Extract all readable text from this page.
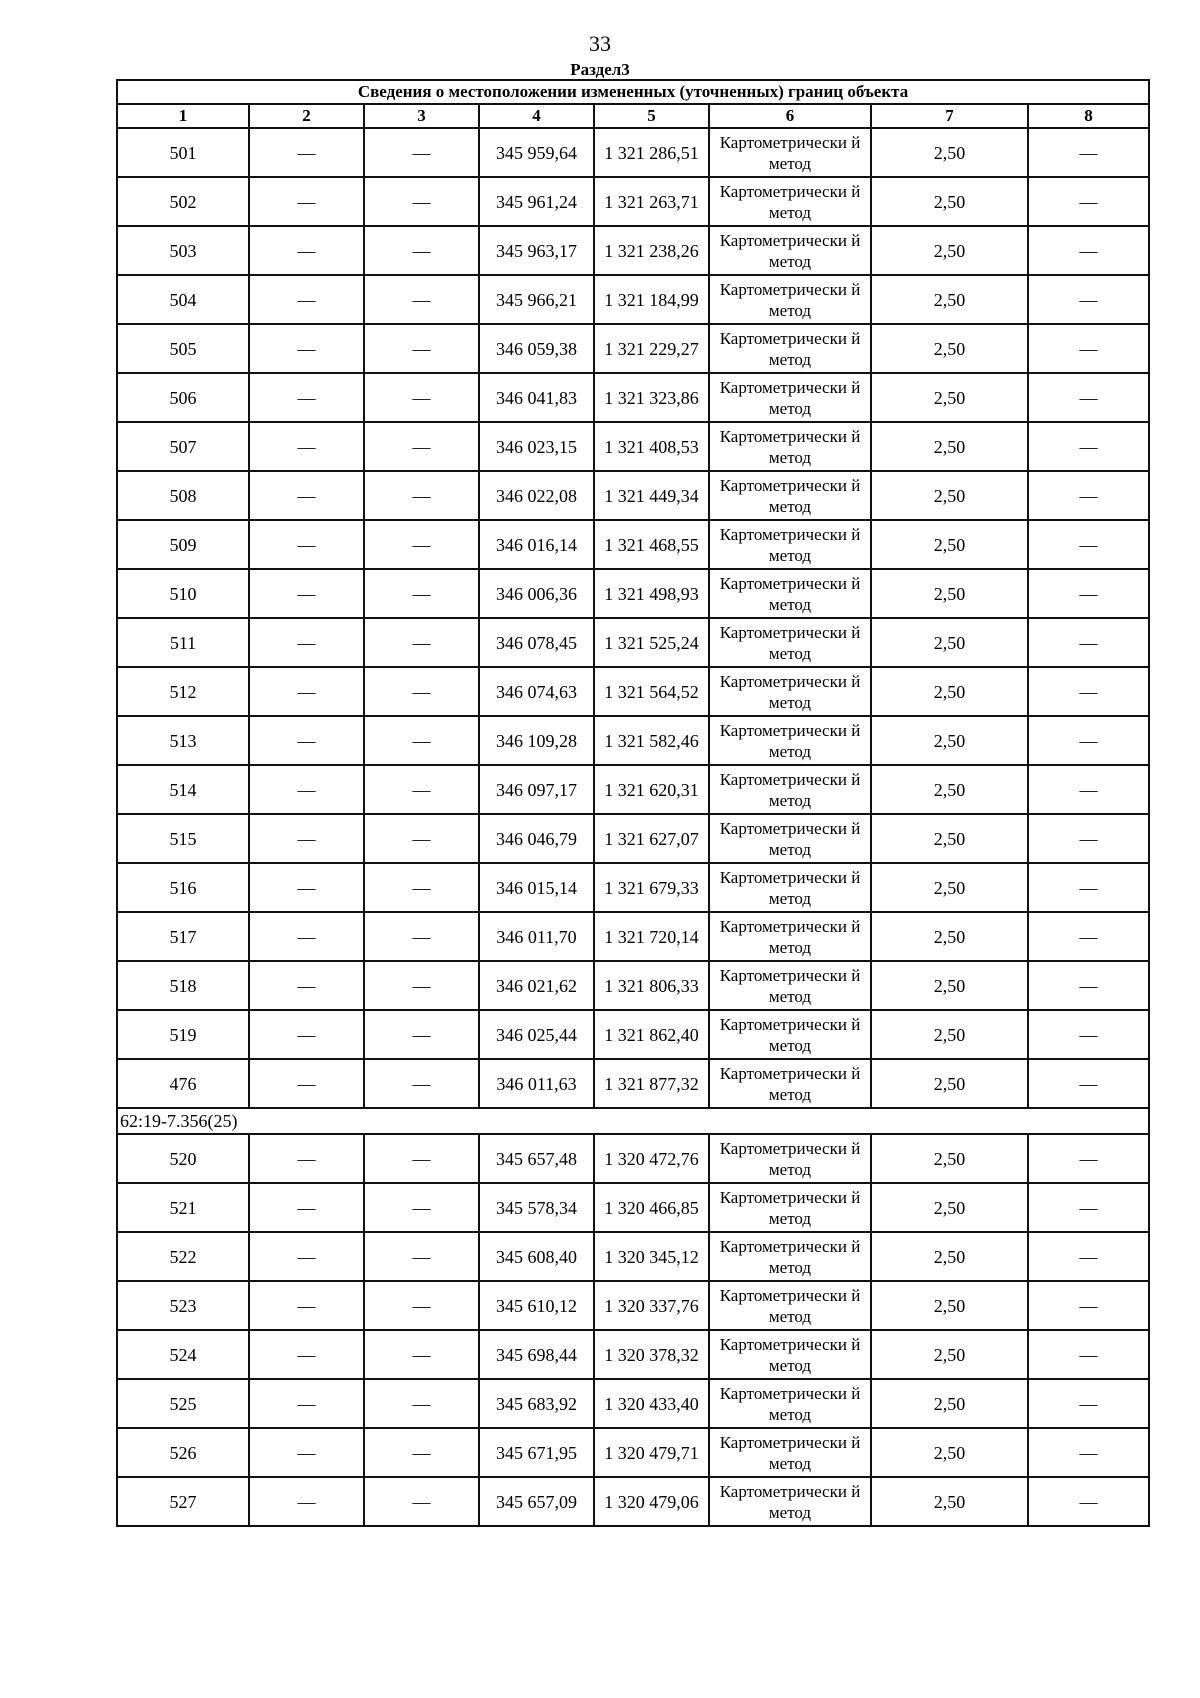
33
Раздел3
Сведения о местоположении измененных (уточненных) границ объекта							
1	2	3	4	5	6	7	8
501	—	—	345 959,64	1 321 286,51	Картометрически й метод	2,50	—
502	—	—	345 961,24	1 321 263,71	Картометрически й метод	2,50	—
503	—	—	345 963,17	1 321 238,26	Картометрически й метод	2,50	—
504	—	—	345 966,21	1 321 184,99	Картометрически й метод	2,50	—
505	—	—	346 059,38	1 321 229,27	Картометрически й метод	2,50	—
506	—	—	346 041,83	1 321 323,86	Картометрически й метод	2,50	—
507	—	—	346 023,15	1 321 408,53	Картометрически й метод	2,50	—
508	—	—	346 022,08	1 321 449,34	Картометрически й метод	2,50	—
509	—	—	346 016,14	1 321 468,55	Картометрически й метод	2,50	—
510	—	—	346 006,36	1 321 498,93	Картометрически й метод	2,50	—
511	—	—	346 078,45	1 321 525,24	Картометрически й метод	2,50	—
512	—	—	346 074,63	1 321 564,52	Картометрически й метод	2,50	—
513	—	—	346 109,28	1 321 582,46	Картометрически й метод	2,50	—
514	—	—	346 097,17	1 321 620,31	Картометрически й метод	2,50	—
515	—	—	346 046,79	1 321 627,07	Картометрически й метод	2,50	—
516	—	—	346 015,14	1 321 679,33	Картометрически й метод	2,50	—
517	—	—	346 011,70	1 321 720,14	Картометрически й метод	2,50	—
518	—	—	346 021,62	1 321 806,33	Картометрически й метод	2,50	—
519	—	—	346 025,44	1 321 862,40	Картометрически й метод	2,50	—
476	—	—	346 011,63	1 321 877,32	Картометрически й метод	2,50	—
62:19-7.356(25)							
520	—	—	345 657,48	1 320 472,76	Картометрически й метод	2,50	—
521	—	—	345 578,34	1 320 466,85	Картометрически й метод	2,50	—
522	—	—	345 608,40	1 320 345,12	Картометрически й метод	2,50	—
523	—	—	345 610,12	1 320 337,76	Картометрически й метод	2,50	—
524	—	—	345 698,44	1 320 378,32	Картометрически й метод	2,50	—
525	—	—	345 683,92	1 320 433,40	Картометрически й метод	2,50	—
526	—	—	345 671,95	1 320 479,71	Картометрически й метод	2,50	—
527	—	—	345 657,09	1 320 479,06	Картометрически й метод	2,50	—
